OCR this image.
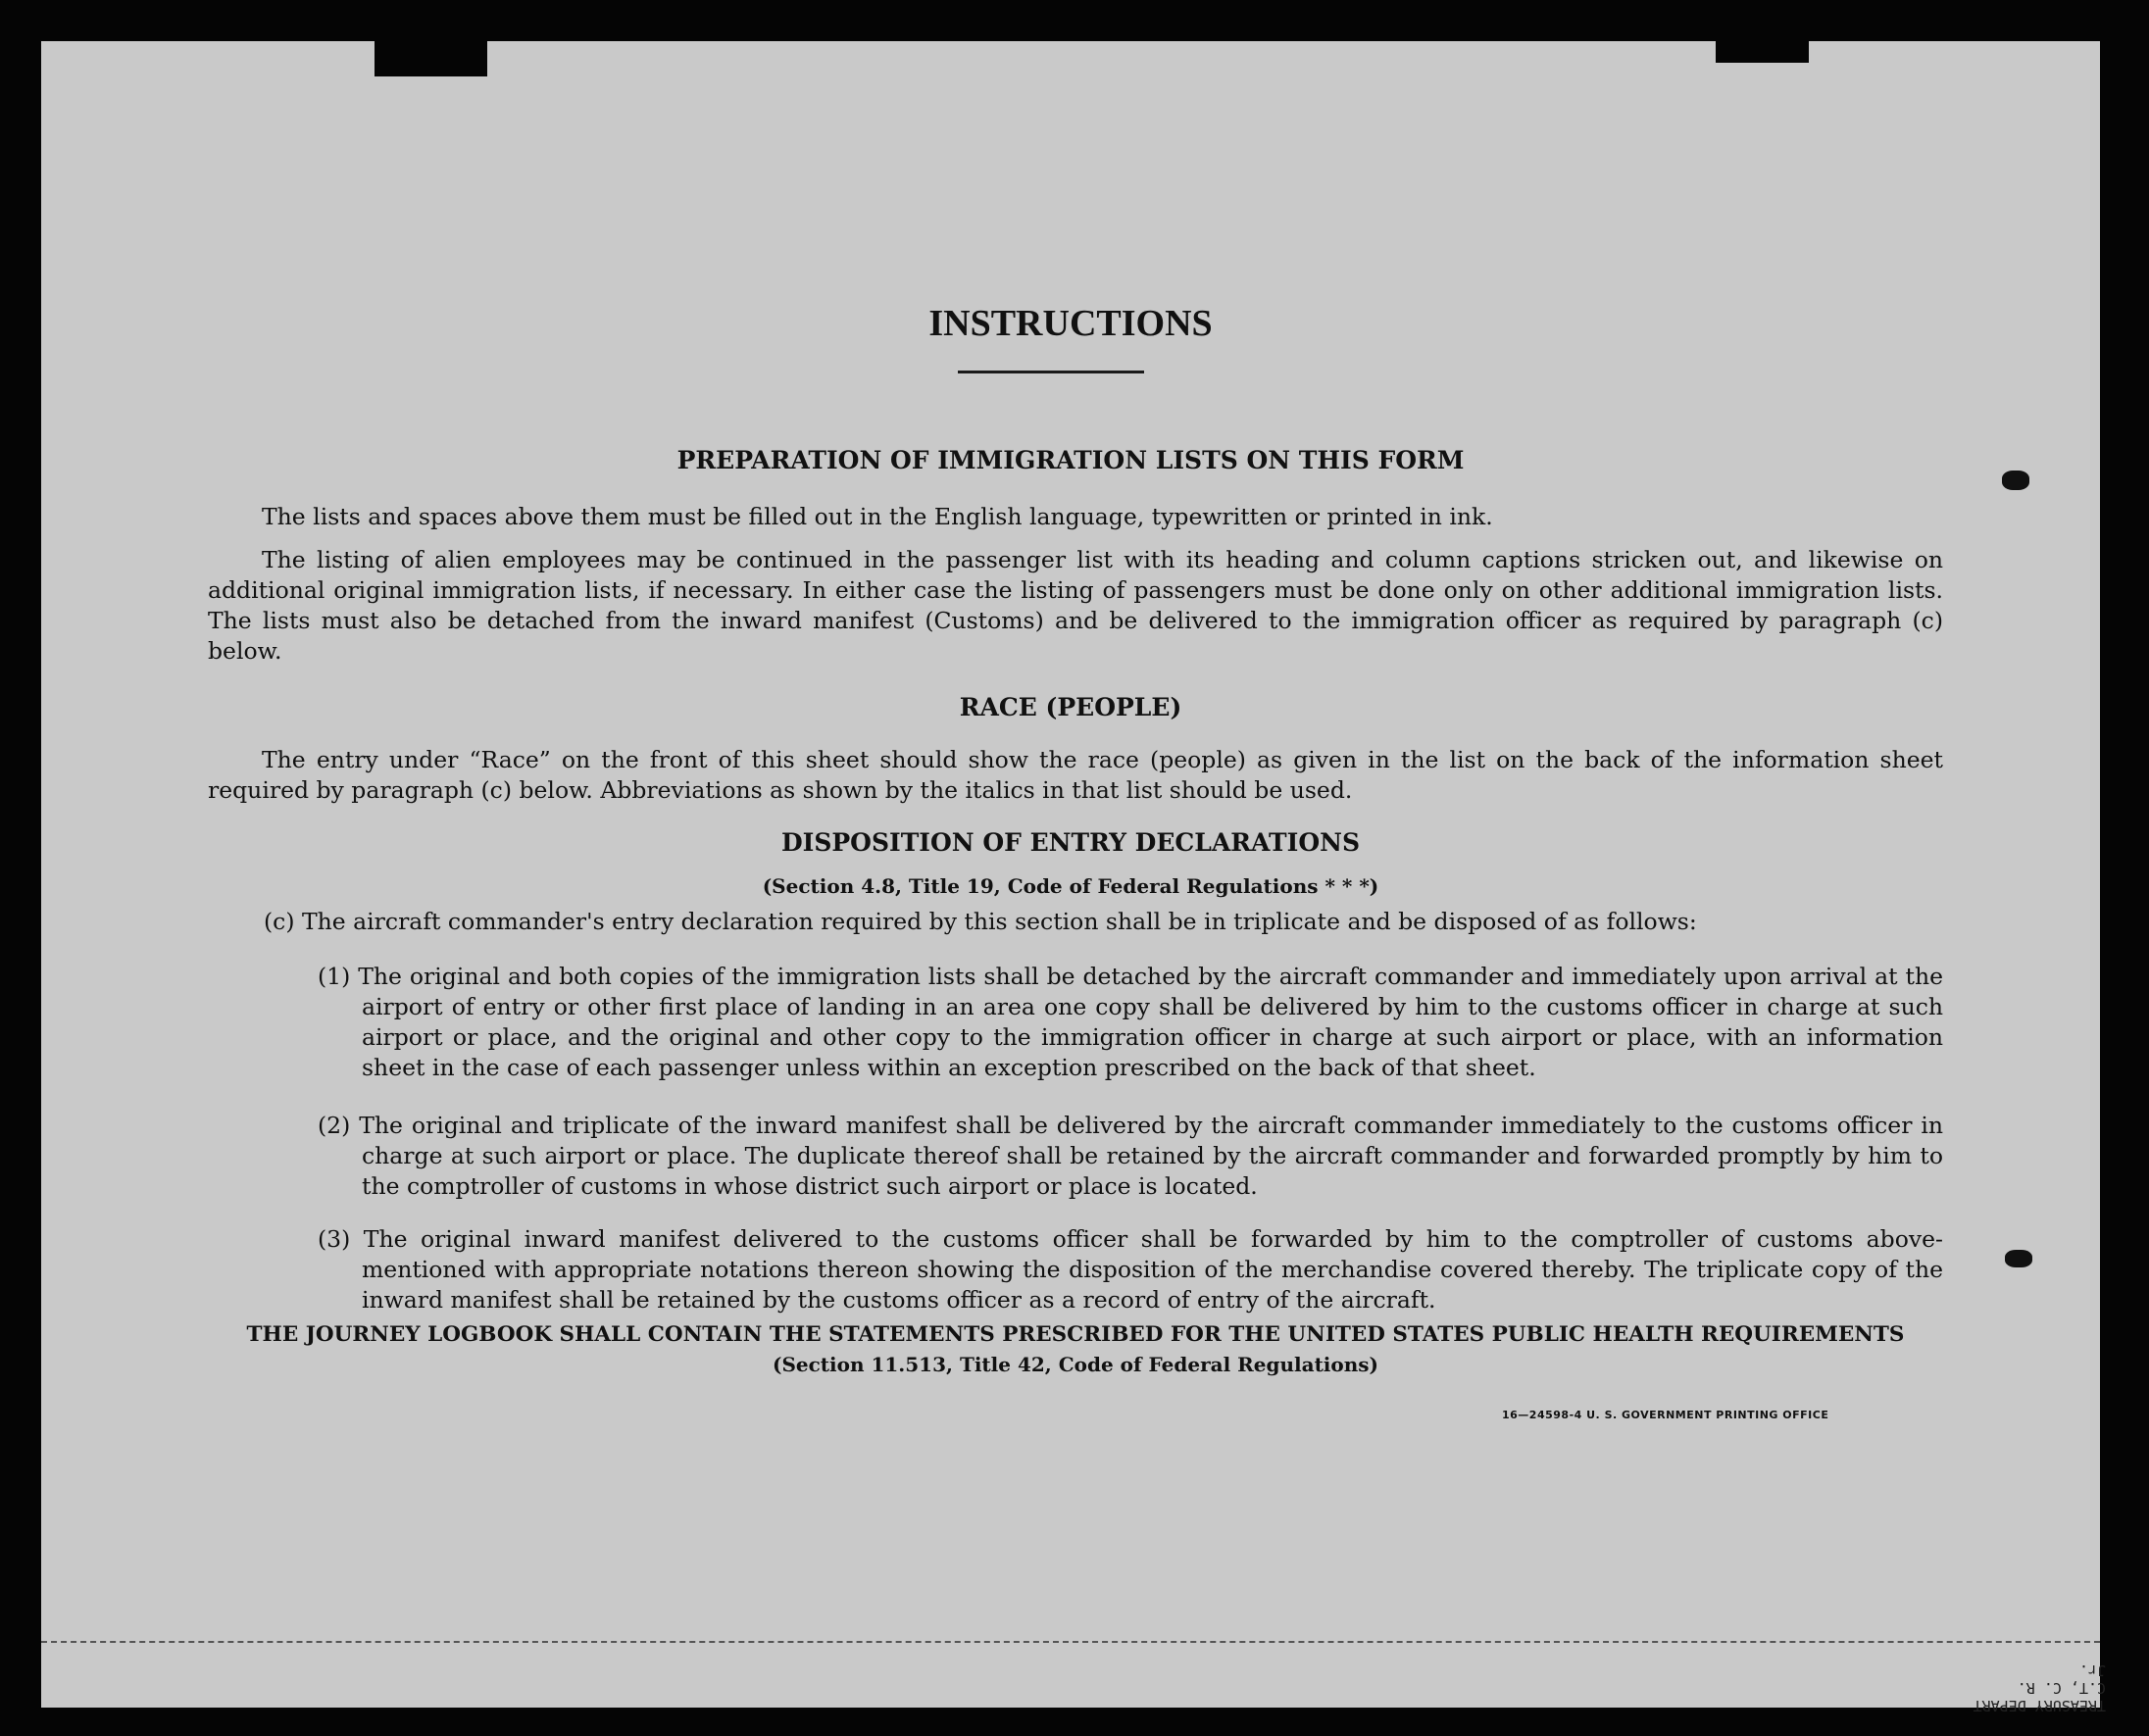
INSTRUCTIONS
PREPARATION OF IMMIGRATION LISTS ON THIS FORM

The lists and spaces above them must be filled out in the English language, typewritten or printed in ink.

The listing of alien employees may be continued in the passenger list with its heading and column captions stricken out, and likewise on additional original immigration lists, if necessary. In either case the listing of passengers must be done only on other additional immigration lists. The lists must also be detached from the inward manifest (Customs) and be delivered to the immigration officer as required by paragraph (c) below.

RACE (PEOPLE)

The entry under “Race” on the front of this sheet should show the race (people) as given in the list on the back of the information sheet required by paragraph (c) below. Abbreviations as shown by the italics in that list should be used.

DISPOSITION OF ENTRY DECLARATIONS
(Section 4.8, Title 19, Code of Federal Regulations * * *)

(c) The aircraft commander's entry declaration required by this section shall be in triplicate and be disposed of as follows:

(1) The original and both copies of the immigration lists shall be detached by the aircraft commander and immediately upon arrival at the airport of entry or other first place of landing in an area one copy shall be delivered by him to the customs officer in charge at such airport or place, and the original and other copy to the immigration officer in charge at such airport or place, with an information sheet in the case of each passenger unless within an exception prescribed on the back of that sheet.

(2) The original and triplicate of the inward manifest shall be delivered by the aircraft commander immediately to the customs officer in charge at such airport or place. The duplicate thereof shall be retained by the aircraft commander and forwarded promptly by him to the comptroller of customs in whose district such airport or place is located.

(3) The original inward manifest delivered to the customs officer shall be forwarded by him to the comptroller of customs above-mentioned with appropriate notations thereon showing the disposition of the merchandise covered thereby. The triplicate copy of the inward manifest shall be retained by the customs officer as a record of entry of the aircraft.

THE JOURNEY LOGBOOK SHALL CONTAIN THE STATEMENTS PRESCRIBED FOR THE UNITED STATES PUBLIC HEALTH REQUIREMENTS
(Section 11.513, Title 42, Code of Federal Regulations)
16—24598-4 U. S. GOVERNMENT PRINTING OFFICE
TREASURY DEPART
C.T, C. R.
Jr.
